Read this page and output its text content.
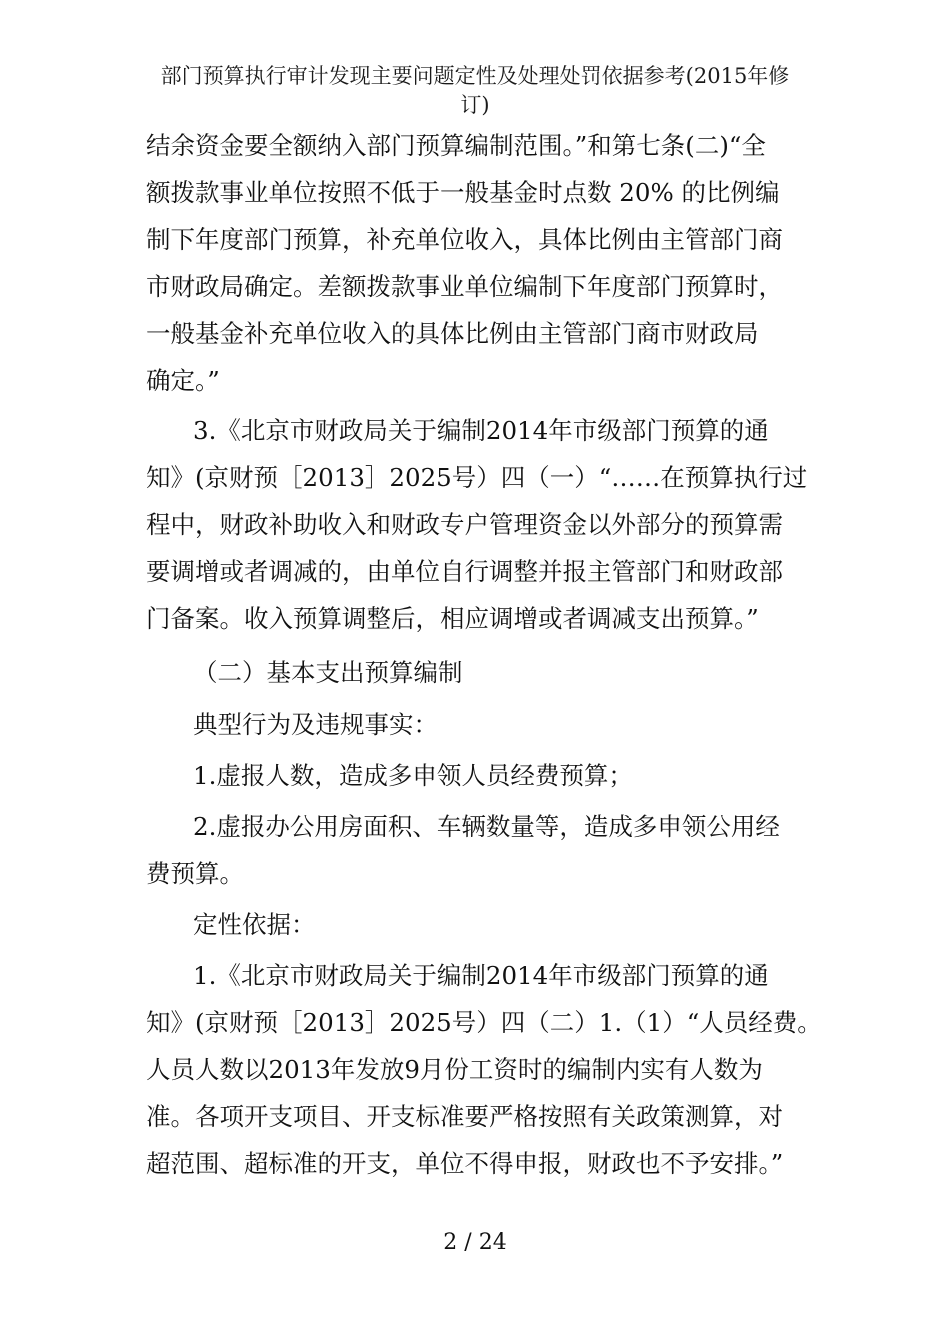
部门预算执行审计发现主要问题定性及处理处罚依据参考(2015年修
订)
结余资金要全额纳入部门预算编制范围。”和第七条(二)“全
额拨款事业单位按照不低于一般基金时点数 20% 的比例编
制下年度部门预算，补充单位收入，具体比例由主管部门商
市财政局确定。差额拨款事业单位编制下年度部门预算时，
一般基金补充单位收入的具体比例由主管部门商市财政局
确定。”
3.《北京市财政局关于编制2014年市级部门预算的通
知》(京财预［2013］2025号）四（一）“……在预算执行过
程中，财政补助收入和财政专户管理资金以外部分的预算需
要调增或者调减的，由单位自行调整并报主管部门和财政部
门备案。收入预算调整后，相应调增或者调减支出预算。”
（二）基本支出预算编制
典型行为及违规事实：
1.虚报人数，造成多申领人员经费预算；
2.虚报办公用房面积、车辆数量等，造成多申领公用经
费预算。
定性依据：
1.《北京市财政局关于编制2014年市级部门预算的通
知》(京财预［2013］2025号）四（二）1.（1）“人员经费。
人员人数以2013年发放9月份工资时的编制内实有人数为
准。各项开支项目、开支标准要严格按照有关政策测算，对
超范围、超标准的开支，单位不得申报，财政也不予安排。”
2 / 24
